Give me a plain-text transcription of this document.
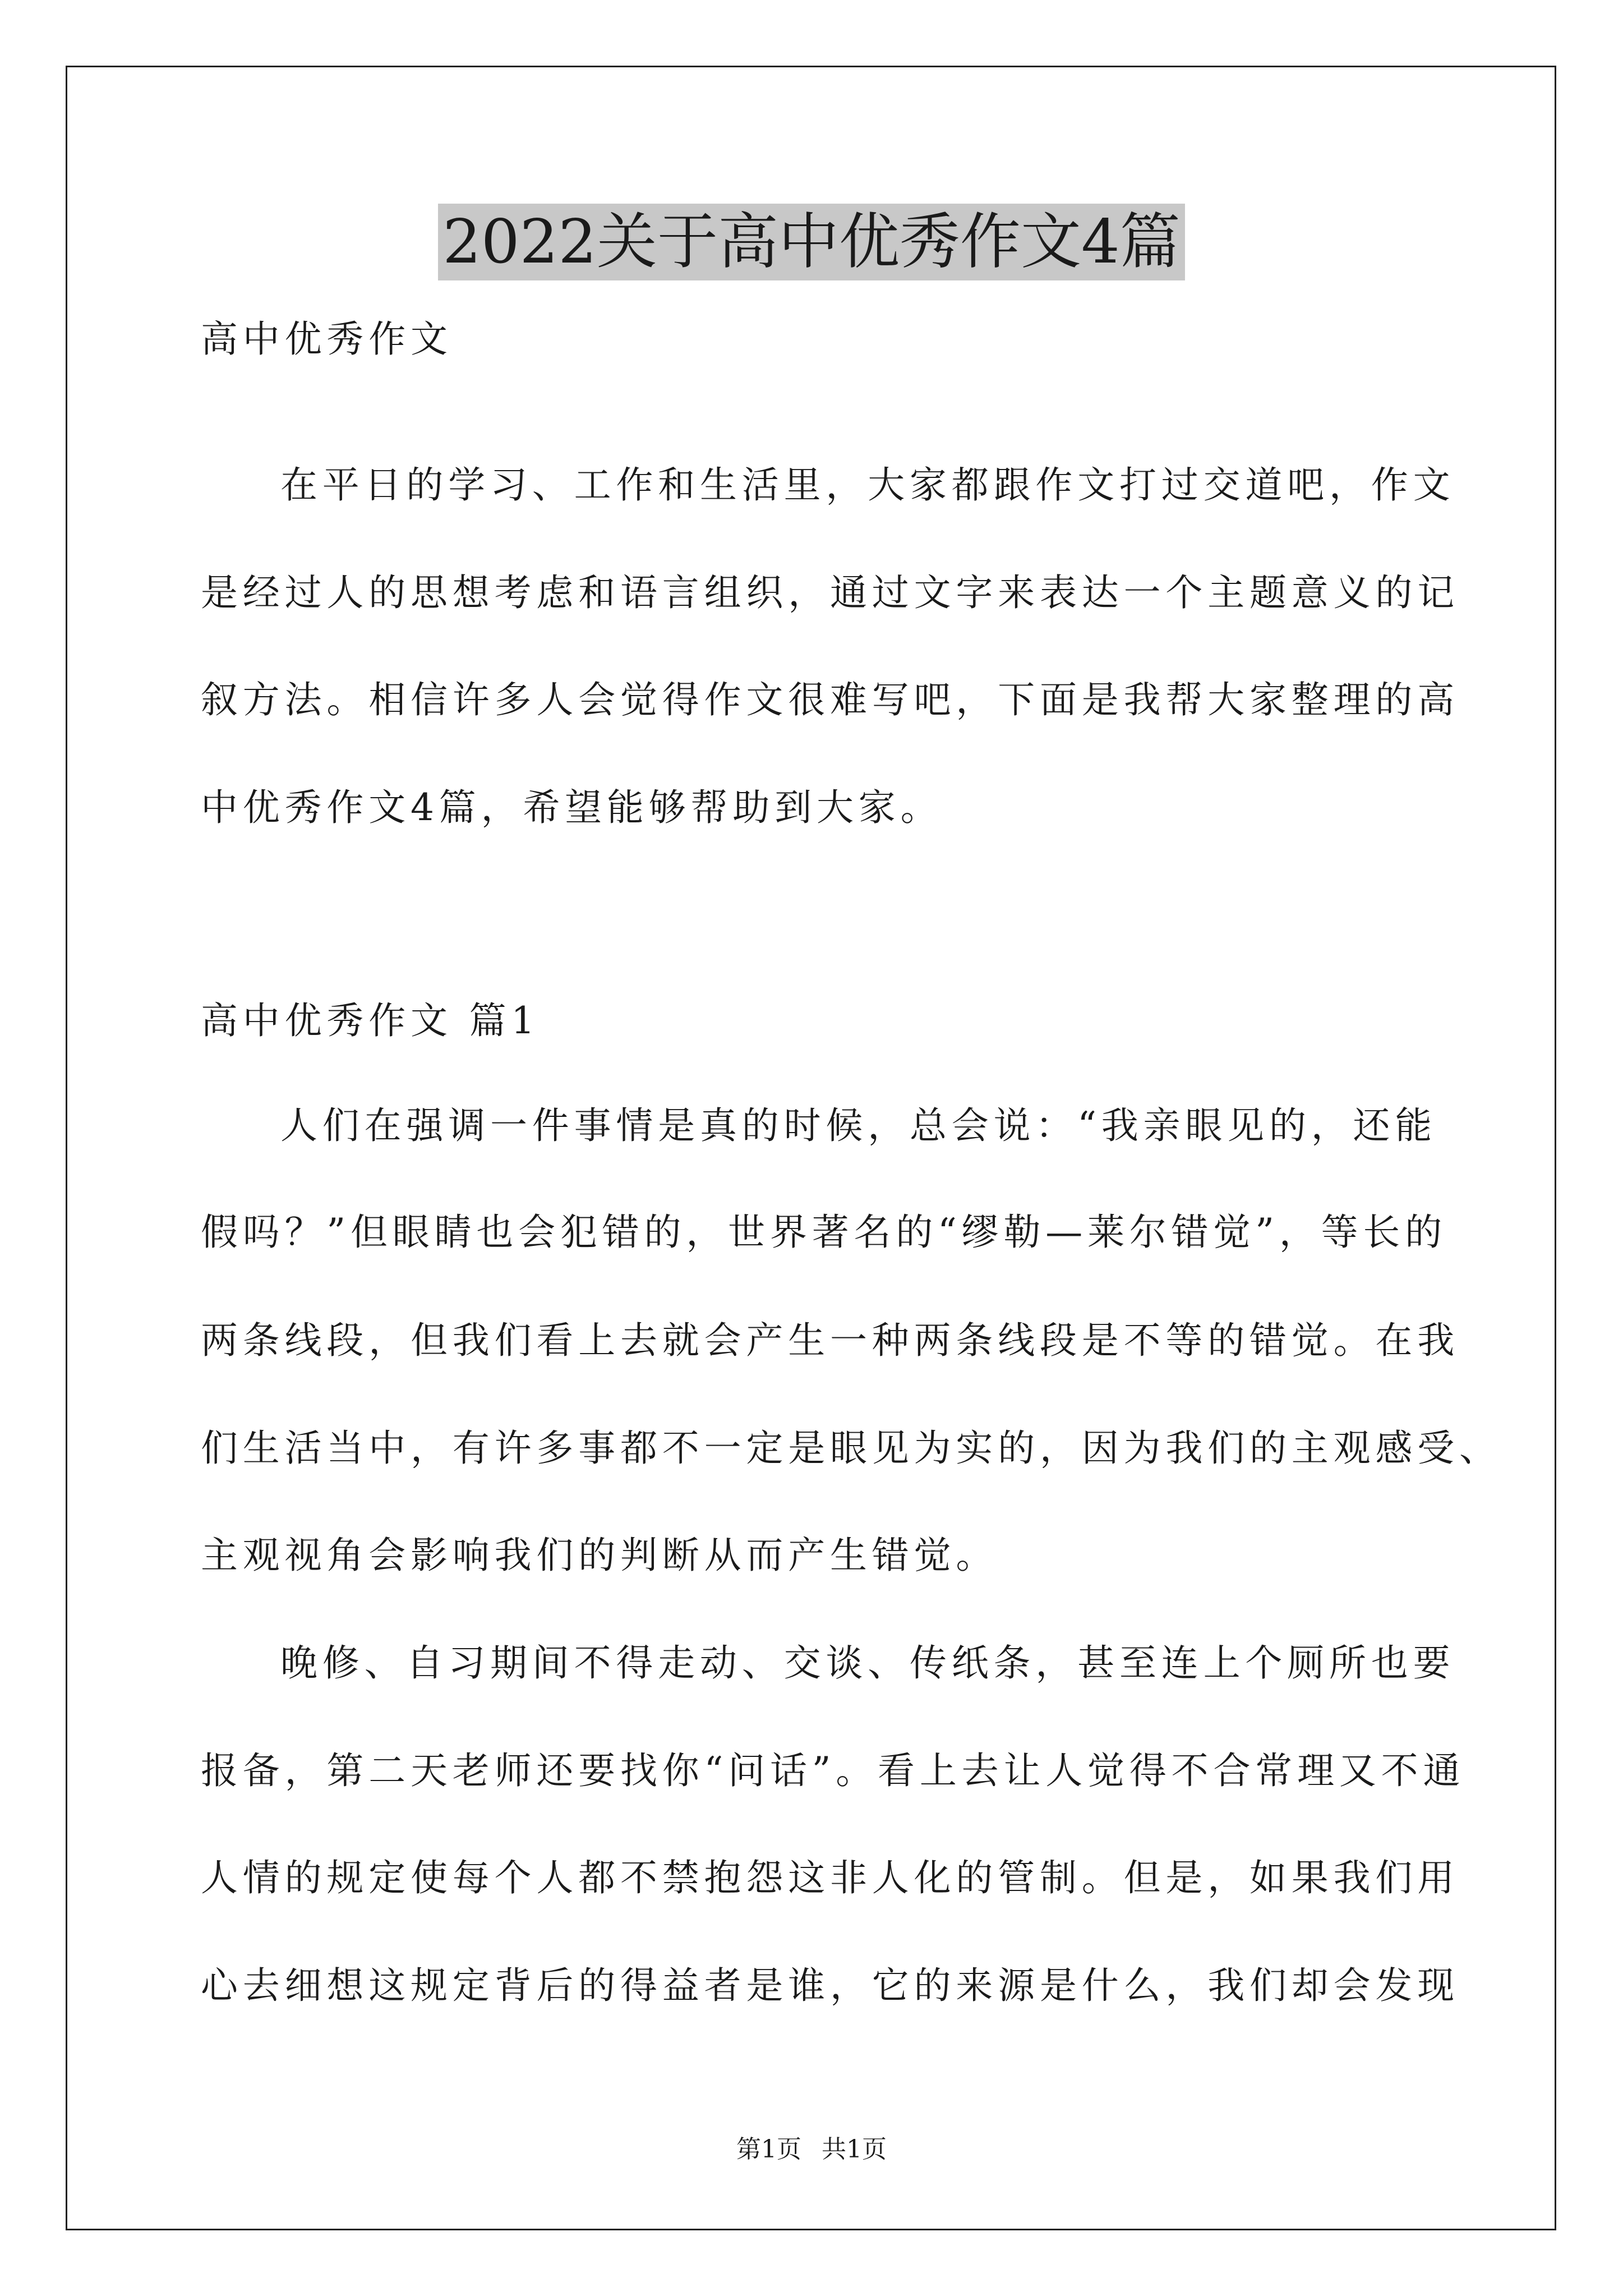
2022关于高中优秀作文4篇
高中优秀作文
在平日的学习、工作和生活里，大家都跟作文打过交道吧，作文
是经过人的思想考虑和语言组织，通过文字来表达一个主题意义的记
叙方法。相信许多人会觉得作文很难写吧，下面是我帮大家整理的高
中优秀作文4篇，希望能够帮助到大家。
高中优秀作文 篇1
人们在强调一件事情是真的时候，总会说：“我亲眼见的，还能
假吗？”但眼睛也会犯错的，世界著名的“缪勒—莱尔错觉”，等长的
两条线段，但我们看上去就会产生一种两条线段是不等的错觉。在我
们生活当中，有许多事都不一定是眼见为实的，因为我们的主观感受、
主观视角会影响我们的判断从而产生错觉。
晚修、自习期间不得走动、交谈、传纸条，甚至连上个厕所也要
报备，第二天老师还要找你“问话”。看上去让人觉得不合常理又不通
人情的规定使每个人都不禁抱怨这非人化的管制。但是，如果我们用
心去细想这规定背后的得益者是谁，它的来源是什么，我们却会发现
第1页 共1页
